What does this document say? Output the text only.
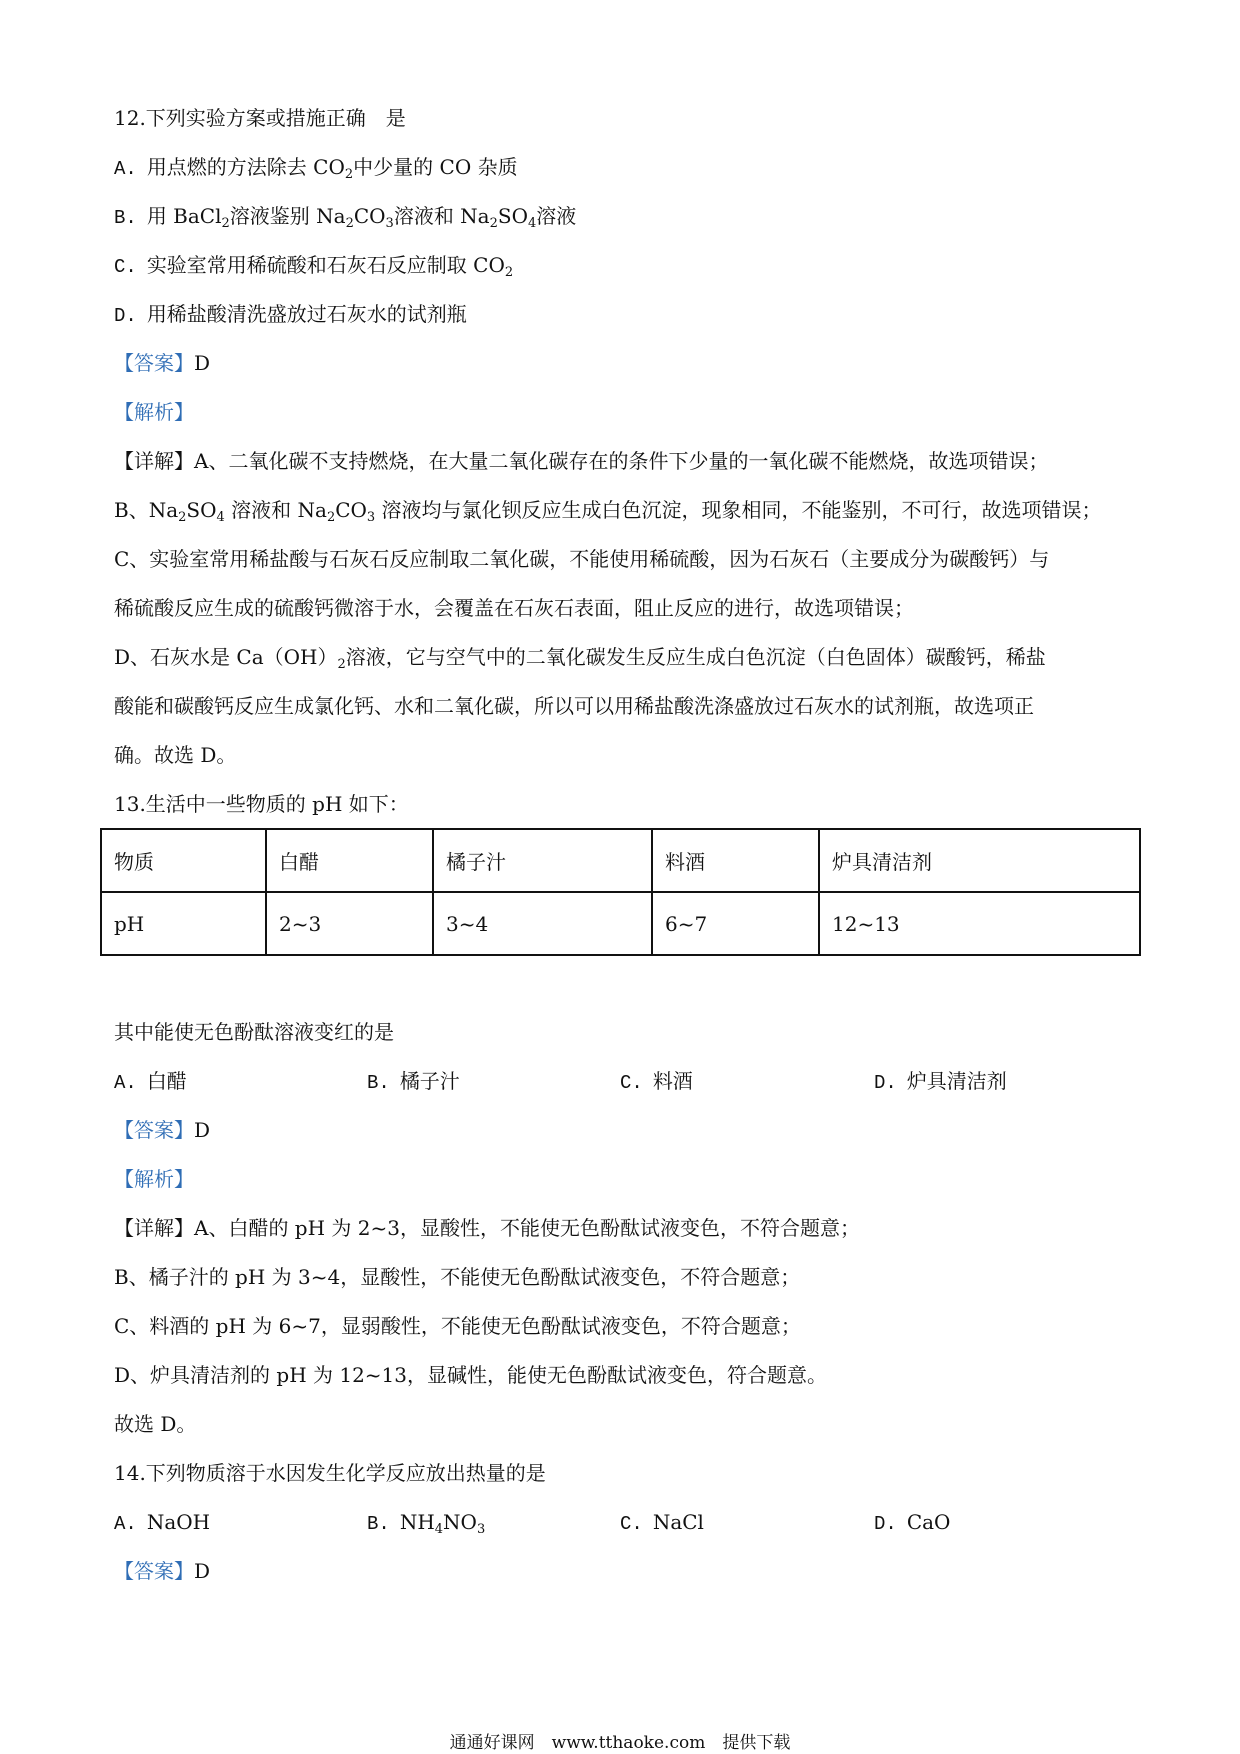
12.下列实验方案或措施正确　是
A. 用点燃的方法除去 $CO_2$中少量的 CO 杂质
B. 用 BaCl$_2$溶液鉴别 $Na_2CO_3$溶液和 $Na_2SO_4$溶液
C. 实验室常用稀硫酸和石灰石反应制取 $CO_2$
D. 用稀盐酸清洗盛放过石灰水的试剂瓶
【答案】D
【解析】
【详解】A、二氧化碳不支持燃烧，在大量二氧化碳存在的条件下少量的一氧化碳不能燃烧，故选项错误；
B、$Na_2SO_4$ 溶液和 $Na_2CO_3$ 溶液均与氯化钡反应生成白色沉淀，现象相同，不能鉴别，不可行，故选项错误；
C、实验室常用稀盐酸与石灰石反应制取二氧化碳，不能使用稀硫酸，因为石灰石（主要成分为碳酸钙）与
稀硫酸反应生成的硫酸钙微溶于水，会覆盖在石灰石表面，阻止反应的进行，故选项错误；
D、石灰水是 $Ca(OH)_2$溶液，它与空气中的二氧化碳发生反应生成白色沉淀（白色固体）碳酸钙，稀盐
酸能和碳酸钙反应生成氯化钙、水和二氧化碳，所以可以用稀盐酸洗涤盛放过石灰水的试剂瓶，故选项正
确。故选 D。
13.生活中一些物质的 pH 如下：
物质	白醋	橘子汁	料酒	炉具清洁剂
pH	2~3	3~4	6~7	12~13
其中能使无色酚酞溶液变红的是
A. 白醋	B. 橘子汁	C. 料酒	D. 炉具清洁剂
【答案】D
【解析】
【详解】A、白醋的 pH 为 2~3，显酸性，不能使无色酚酞试液变色，不符合题意；
B、橘子汁的 pH 为 3~4，显酸性，不能使无色酚酞试液变色，不符合题意；
C、料酒的 pH 为 6~7，显弱酸性，不能使无色酚酞试液变色，不符合题意；
D、炉具清洁剂的 pH 为 12~13，显碱性，能使无色酚酞试液变色，符合题意。
故选 D。
14.下列物质溶于水因发生化学反应放出热量的是
A. NaOH	B. $NH_4NO_3$	C. NaCl	D. CaO
【答案】D
通通好课网　www.tthaoke.com　提供下载
